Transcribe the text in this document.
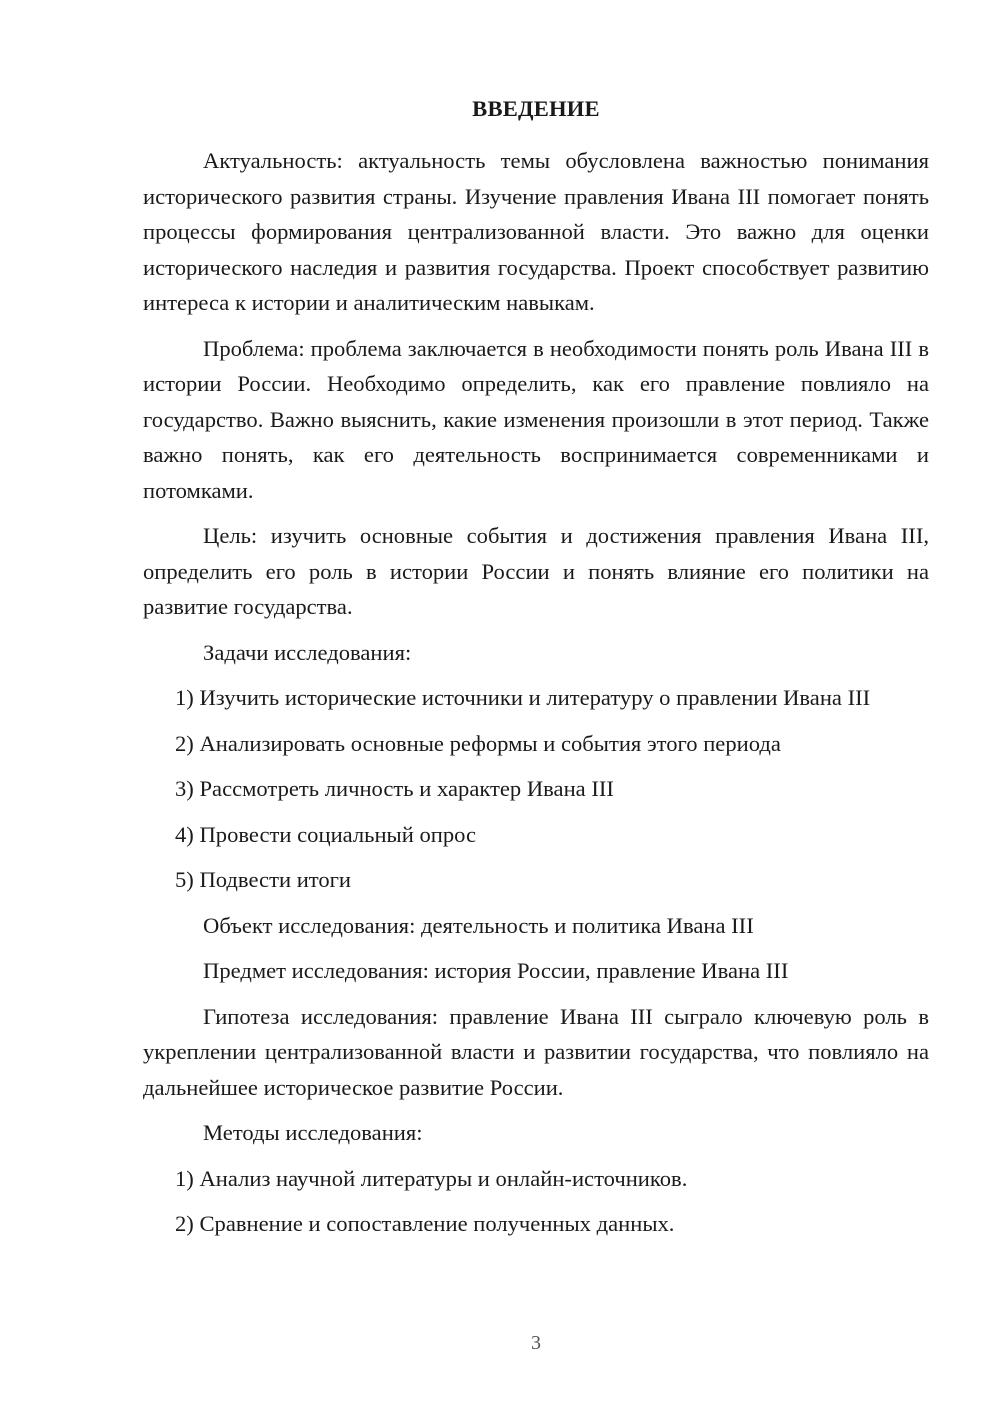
ВВЕДЕНИЕ

Актуальность: актуальность темы обусловлена важностью понимания исторического развития страны. Изучение правления Ивана III помогает понять процессы формирования централизованной власти. Это важно для оценки исторического наследия и развития государства. Проект способствует развитию интереса к истории и аналитическим навыкам.

Проблема: проблема заключается в необходимости понять роль Ивана III в истории России. Необходимо определить, как его правление повлияло на государство. Важно выяснить, какие изменения произошли в этот период. Также важно понять, как его деятельность воспринимается современниками и потомками.

Цель: изучить основные события и достижения правления Ивана III, определить его роль в истории России и понять влияние его политики на развитие государства.

Задачи исследования:

1) Изучить исторические источники и литературу о правлении Ивана III

2) Анализировать основные реформы и события этого периода

3) Рассмотреть личность и характер Ивана III

4) Провести социальный опрос

5) Подвести итоги

Объект исследования: деятельность и политика Ивана III

Предмет исследования: история России, правление Ивана III

Гипотеза исследования: правление Ивана III сыграло ключевую роль в укреплении централизованной власти и развитии государства, что повлияло на дальнейшее историческое развитие России.

Методы исследования:

1) Анализ научной литературы и онлайн-источников.

2) Сравнение и сопоставление полученных данных.

3
